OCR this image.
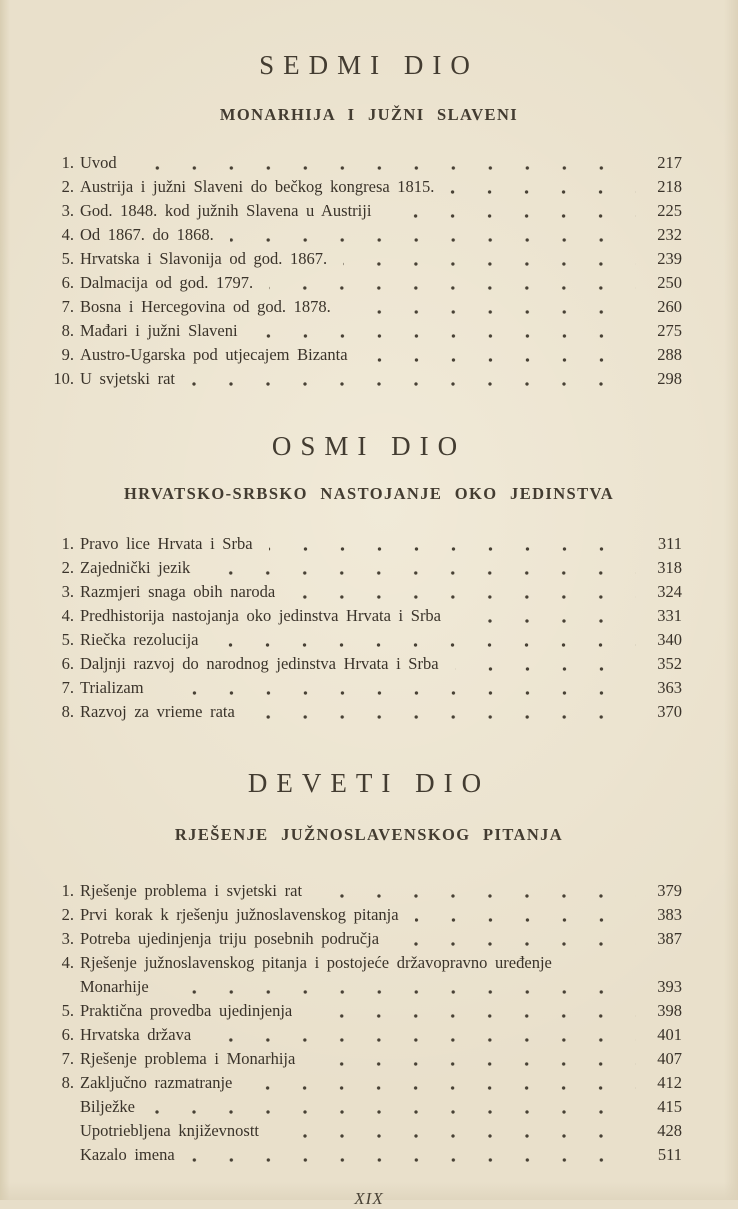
SEDMI DIO
MONARHIJA I JUŽNI SLAVENI
1. Uvod	217
2. Austrija i južni Slaveni do bečkog kongresa 1815.	218
3. God. 1848. kod južnih Slavena u Austriji	225
4. Od 1867. do 1868.	232
5. Hrvatska i Slavonija od god. 1867.	239
6. Dalmacija od god. 1797.	250
7. Bosna i Hercegovina od god. 1878.	260
8. Mađari i južni Slaveni	275
9. Austro-Ugarska pod utjecajem Bizanta	288
10. U svjetski rat	298
OSMI DIO
HRVATSKO-SRBSKO NASTOJANJE OKO JEDINSTVA
1. Pravo lice Hrvata i Srba	311
2. Zajednički jezik	318
3. Razmjeri snaga obih naroda	324
4. Predhistorija nastojanja oko jedinstva Hrvata i Srba	331
5. Riečka rezolucija	340
6. Daljnji razvoj do narodnog jedinstva Hrvata i Srba	352
7. Trializam	363
8. Razvoj za vrieme rata	370
DEVETI DIO
RJEŠENJE JUŽNOSLAVENSKOG PITANJA
1. Rješenje problema i svjetski rat	379
2. Prvi korak k rješenju južnoslavenskog pitanja	383
3. Potreba ujedinjenja triju posebnih područja	387
4. Rješenje južnoslavenskog pitanja i postojeće državopravno uređenje
Monarhije	393
5. Praktična provedba ujedinjenja	398
6. Hrvatska država	401
7. Rješenje problema i Monarhija	407
8. Zaključno razmatranje	412
Bilježke	415
Upotriebljena književnostt	428
Kazalo imena	511
XIX
